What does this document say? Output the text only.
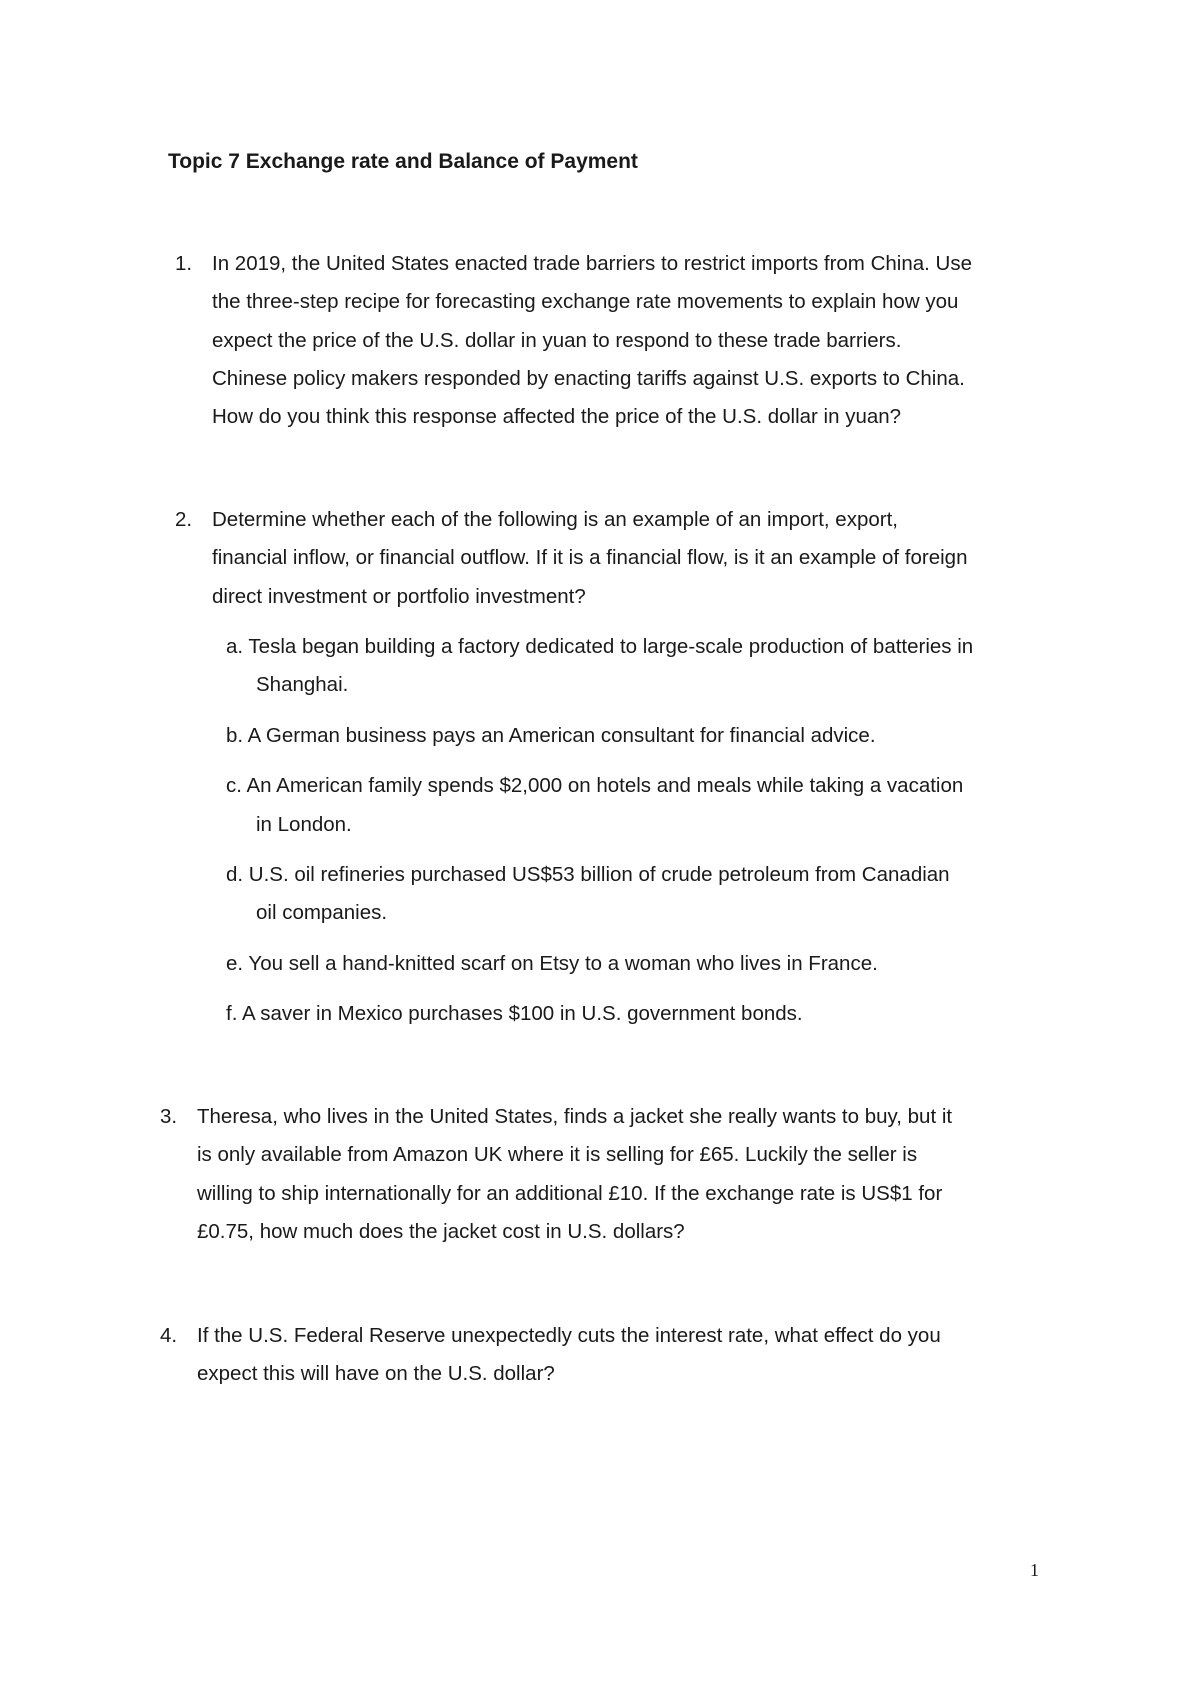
Topic 7 Exchange rate and Balance of Payment
1. In 2019, the United States enacted trade barriers to restrict imports from China. Use
the three-step recipe for forecasting exchange rate movements to explain how you
expect the price of the U.S. dollar in yuan to respond to these trade barriers.
Chinese policy makers responded by enacting tariffs against U.S. exports to China.
How do you think this response affected the price of the U.S. dollar in yuan?
2. Determine whether each of the following is an example of an import, export,
financial inflow, or financial outflow. If it is a financial flow, is it an example of foreign
direct investment or portfolio investment?
a. Tesla began building a factory dedicated to large-scale production of batteries in
Shanghai.
b. A German business pays an American consultant for financial advice.
c. An American family spends $2,000 on hotels and meals while taking a vacation
in London.
d. U.S. oil refineries purchased US$53 billion of crude petroleum from Canadian
oil companies.
e. You sell a hand-knitted scarf on Etsy to a woman who lives in France.
f. A saver in Mexico purchases $100 in U.S. government bonds.
3. Theresa, who lives in the United States, finds a jacket she really wants to buy, but it
is only available from Amazon UK where it is selling for £65. Luckily the seller is
willing to ship internationally for an additional £10. If the exchange rate is US$1 for
£0.75, how much does the jacket cost in U.S. dollars?
4. If the U.S. Federal Reserve unexpectedly cuts the interest rate, what effect do you
expect this will have on the U.S. dollar?
1
